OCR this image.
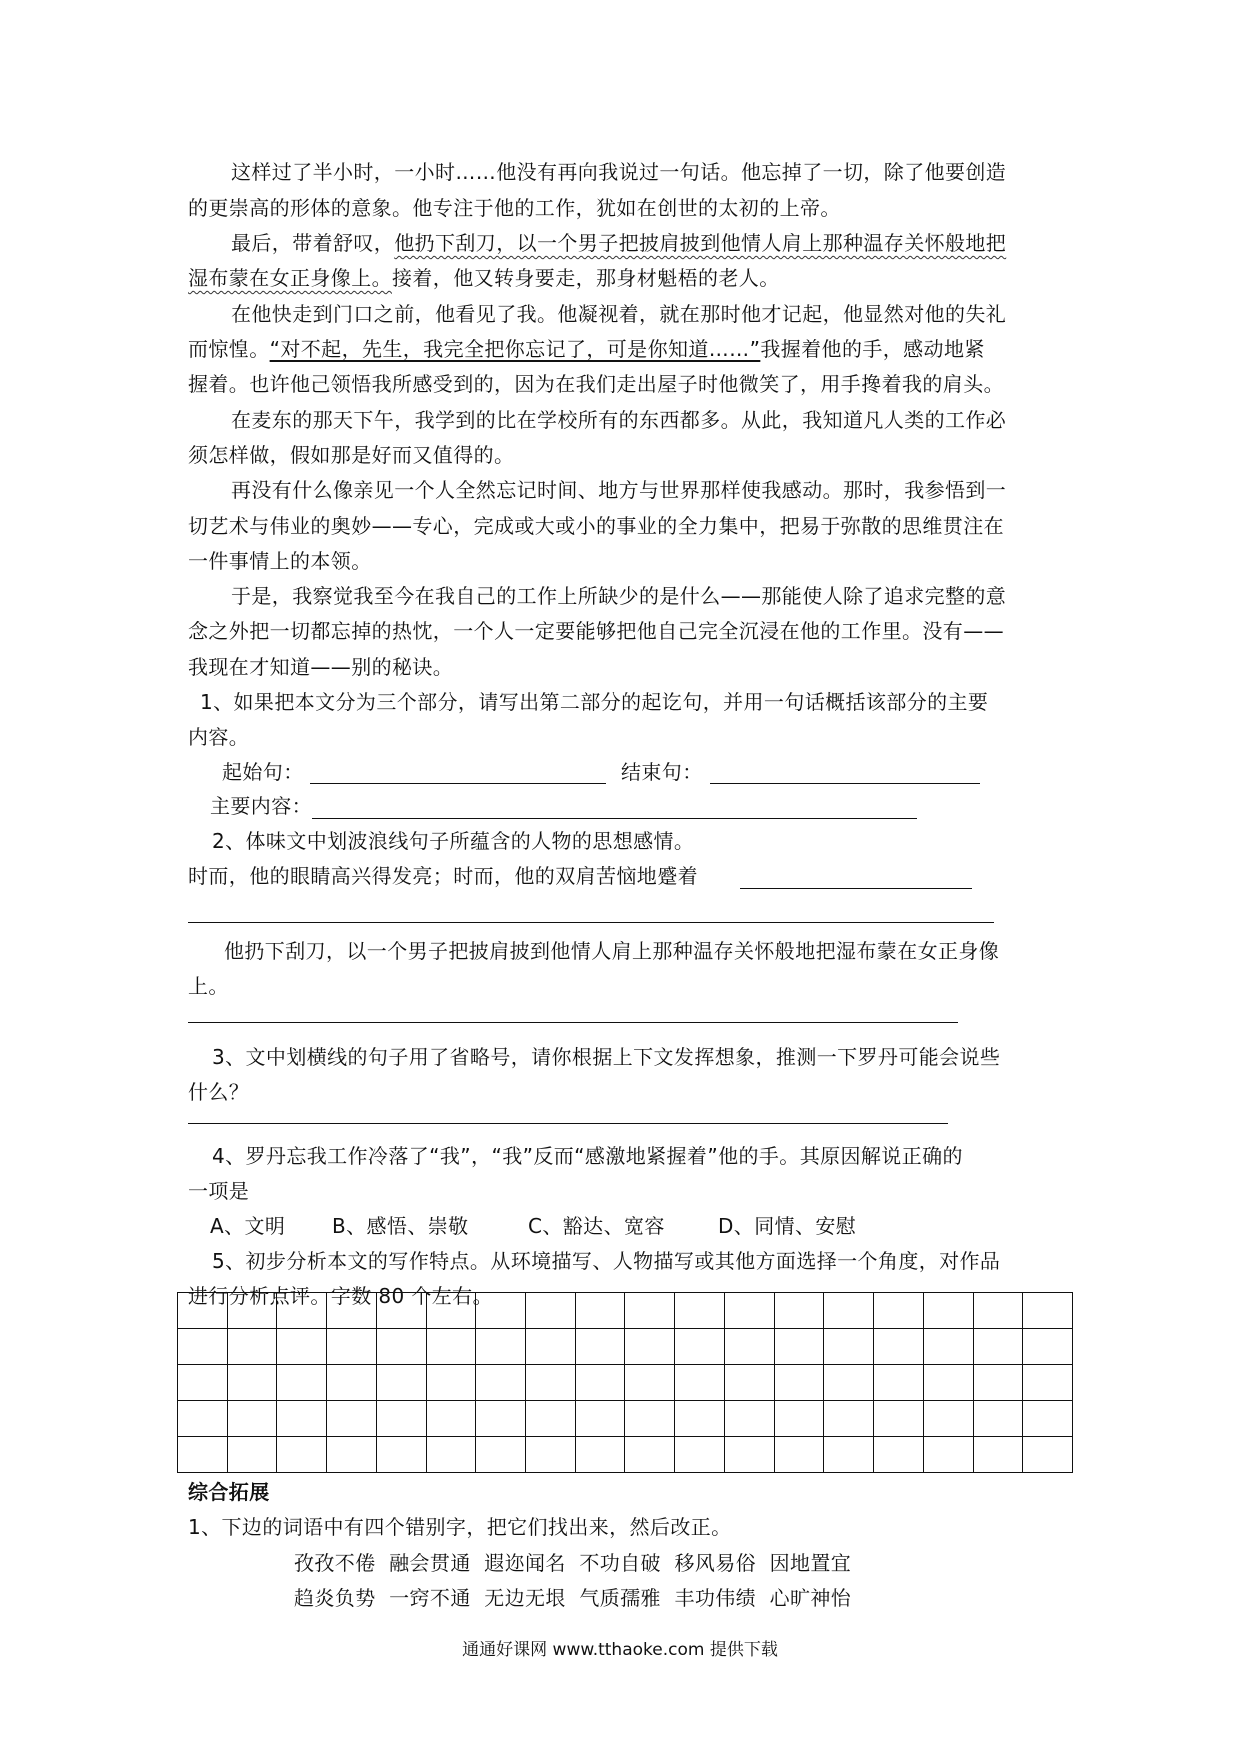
这样过了半小时，一小时……他没有再向我说过一句话。他忘掉了一切，除了他要创造
的更崇高的形体的意象。他专注于他的工作，犹如在创世的太初的上帝。
最后，带着舒叹，他扔下刮刀，以一个男子把披肩披到他情人肩上那种温存关怀般地把
湿布蒙在女正身像上。接着，他又转身要走，那身材魁梧的老人。
在他快走到门口之前，他看见了我。他凝视着，就在那时他才记起，他显然对他的失礼
而惊惶。“对不起，先生，我完全把你忘记了，可是你知道……”我握着他的手，感动地紧
握着。也许他己领悟我所感受到的，因为在我们走出屋子时他微笑了，用手搀着我的肩头。
在麦东的那天下午，我学到的比在学校所有的东西都多。从此，我知道凡人类的工作必
须怎样做，假如那是好而又值得的。
再没有什么像亲见一个人全然忘记时间、地方与世界那样使我感动。那时，我参悟到一
切艺术与伟业的奥妙——专心，完成或大或小的事业的全力集中，把易于弥散的思维贯注在
一件事情上的本领。
于是，我察觉我至今在我自己的工作上所缺少的是什么——那能使人除了追求完整的意
念之外把一切都忘掉的热忱，一个人一定要能够把他自己完全沉浸在他的工作里。没有——
我现在才知道——别的秘诀。
1、如果把本文分为三个部分，请写出第二部分的起讫句，并用一句话概括该部分的主要
内容。
起始句：	结束句：
主要内容：
2、体味文中划波浪线句子所蕴含的人物的思想感情。
时而，他的眼睛高兴得发亮；时而，他的双肩苦恼地蹙着
他扔下刮刀，以一个男子把披肩披到他情人肩上那种温存关怀般地把湿布蒙在女正身像
上。
3、文中划横线的句子用了省略号，请你根据上下文发挥想象，推测一下罗丹可能会说些
什么？
4、罗丹忘我工作冷落了“我”，“我”反而“感激地紧握着”他的手。其原因解说正确的
一项是
A、文明 B、感悟、崇敬	C、豁达、宽容	D、同情、安慰
5、初步分析本文的写作特点。从环境描写、人物描写或其他方面选择一个角度，对作品
进行分析点评。字数 80 个左右。

综合拓展
1、下边的词语中有四个错别字，把它们找出来，然后改正。
孜孜不倦  融会贯通  遐迩闻名  不功自破  移风易俗  因地置宜
趋炎负势  一窍不通  无边无垠  气质孺雅  丰功伟绩  心旷神怡
通通好课网 www.tthaoke.com 提供下载
